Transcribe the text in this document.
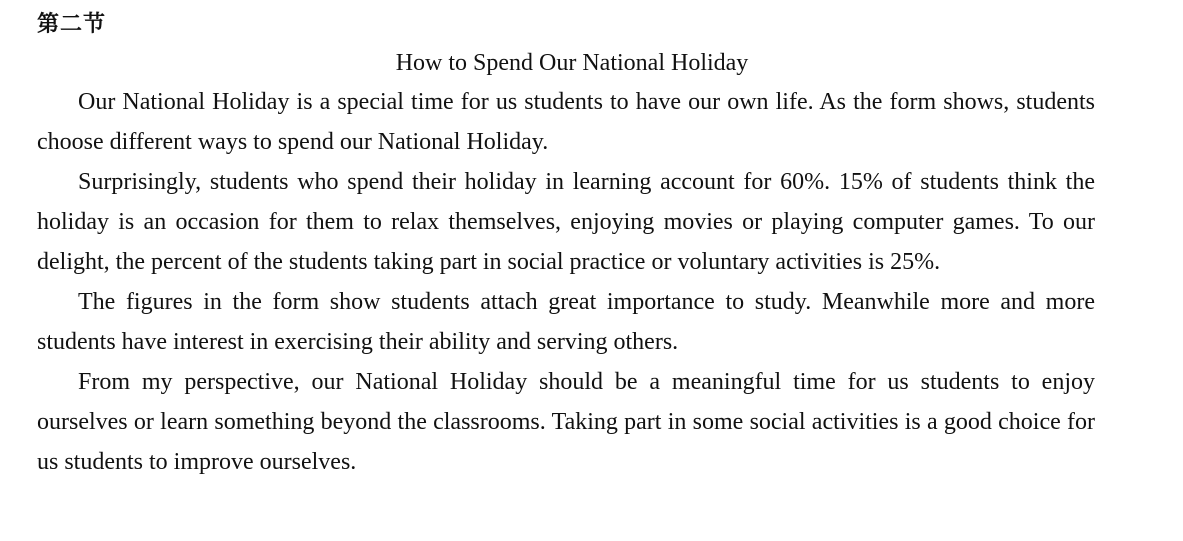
第二节
How to Spend Our National Holiday

Our National Holiday is a special time for us students to have our own life. As the form shows, students choose different ways to spend our National Holiday.

Surprisingly, students who spend their holiday in learning account for 60%. 15% of students think the holiday is an occasion for them to relax themselves, enjoying movies or playing computer games. To our delight, the percent of the students taking part in social practice or voluntary activities is 25%.

The figures in the form show students attach great importance to study. Meanwhile more and more students have interest in exercising their ability and serving others.

From my perspective, our National Holiday should be a meaningful time for us students to enjoy ourselves or learn something beyond the classrooms. Taking part in some social activities is a good choice for us students to improve ourselves.
